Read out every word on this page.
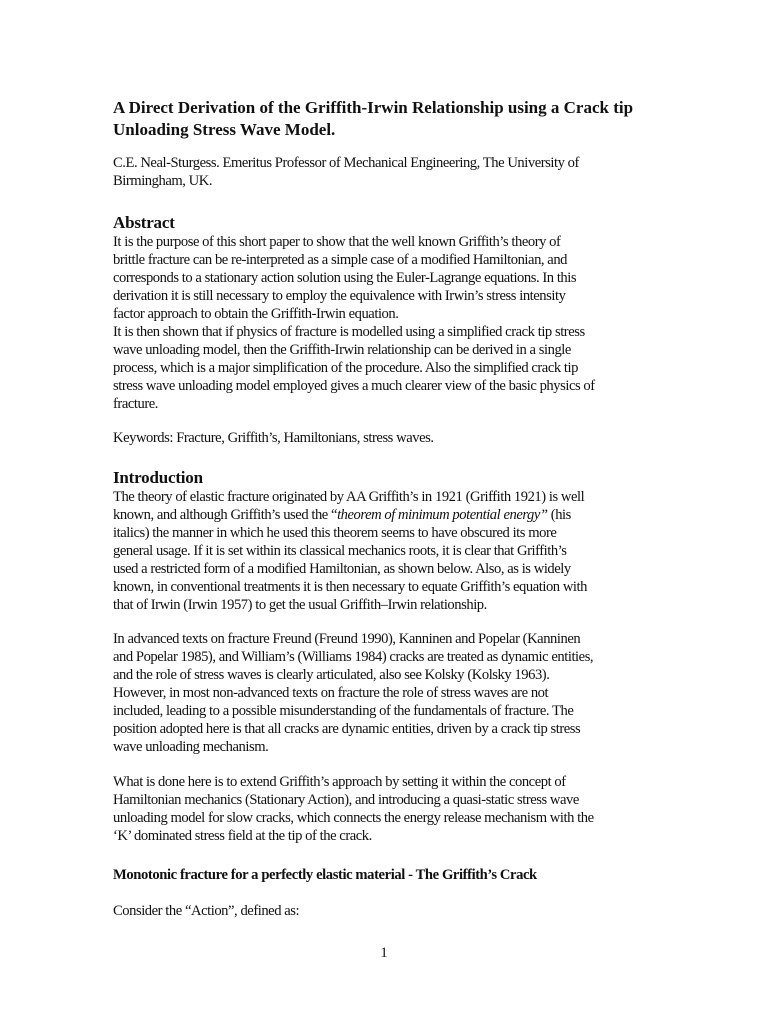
A Direct Derivation of the Griffith-Irwin Relationship using a Crack tip
Unloading Stress Wave Model.
C.E. Neal-Sturgess. Emeritus Professor of Mechanical Engineering, The University of
Birmingham, UK.
Abstract
It is the purpose of this short paper to show that the well known Griffith’s theory of
brittle fracture can be re-interpreted as a simple case of a modified Hamiltonian, and
corresponds to a stationary action solution using the Euler-Lagrange equations. In this
derivation it is still necessary to employ the equivalence with Irwin’s stress intensity
factor approach to obtain the Griffith-Irwin equation.
It is then shown that if physics of fracture is modelled using a simplified crack tip stress
wave unloading model, then the Griffith-Irwin relationship can be derived in a single
process, which is a major simplification of the procedure. Also the simplified crack tip
stress wave unloading model employed gives a much clearer view of the basic physics of
fracture.
Keywords: Fracture, Griffith’s, Hamiltonians, stress waves.
Introduction
The theory of elastic fracture originated by AA Griffith’s in 1921 (Griffith 1921) is well
known, and although Griffith’s used the “theorem of minimum potential energy” (his
italics) the manner in which he used this theorem seems to have obscured its more
general usage. If it is set within its classical mechanics roots, it is clear that Griffith’s
used a restricted form of a modified Hamiltonian, as shown below. Also, as is widely
known, in conventional treatments it is then necessary to equate Griffith’s equation with
that of Irwin (Irwin 1957) to get the usual Griffith–Irwin relationship.
In advanced texts on fracture Freund (Freund 1990), Kanninen and Popelar (Kanninen
and Popelar 1985), and William’s (Williams 1984) cracks are treated as dynamic entities,
and the role of stress waves is clearly articulated, also see Kolsky (Kolsky 1963).
However, in most non-advanced texts on fracture the role of stress waves are not
included, leading to a possible misunderstanding of the fundamentals of fracture. The
position adopted here is that all cracks are dynamic entities, driven by a crack tip stress
wave unloading mechanism.
What is done here is to extend Griffith’s approach by setting it within the concept of
Hamiltonian mechanics (Stationary Action), and introducing a quasi-static stress wave
unloading model for slow cracks, which connects the energy release mechanism with the
‘K’ dominated stress field at the tip of the crack.
Monotonic fracture for a perfectly elastic material - The Griffith’s Crack
Consider the “Action”, defined as:
1
